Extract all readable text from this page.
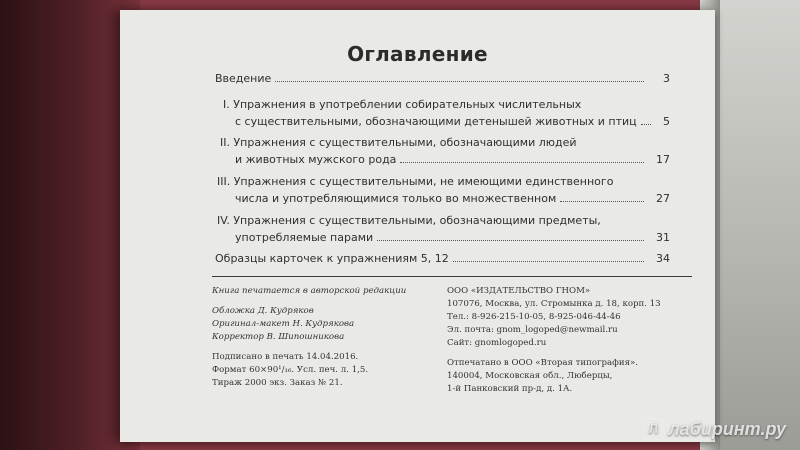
Оглавление
Введение	3
I. Упражнения в употреблении собирательных числительных
с существительными, обозначающими детенышей животных и птиц	5
II. Упражнения с существительными, обозначающими людей
и животных мужского рода	17
III. Упражнения с существительными, не имеющими единственного
числа и употребляющимися только во множественном	27
IV. Упражнения с существительными, обозначающими предметы,
употребляемые парами	31
Образцы карточек к упражнениям 5, 12	34
Книга печатается в авторской редакции
Обложка Д. Кудряков
Оригинал-макет Н. Кудрякова
Корректор В. Шипошникова
Подписано в печать 14.04.2016.
Формат 60×90¹/₁₆. Усл. печ. л. 1,5.
Тираж 2000 экз. Заказ № 21.
ООО «ИЗДАТЕЛЬСТВО ГНОМ»
107076, Москва, ул. Стромынка д. 18, корп. 13
Тел.: 8-926-215-10-05, 8-925-046-44-46
Эл. почта: gnom_logoped@newmail.ru
Сайт: gnomlogoped.ru
Отпечатано в ООО «Вторая типография».
140004, Московская обл., Люберцы,
1-й Панковский пр-д, д. 1А.
Л лабиринт.ру
